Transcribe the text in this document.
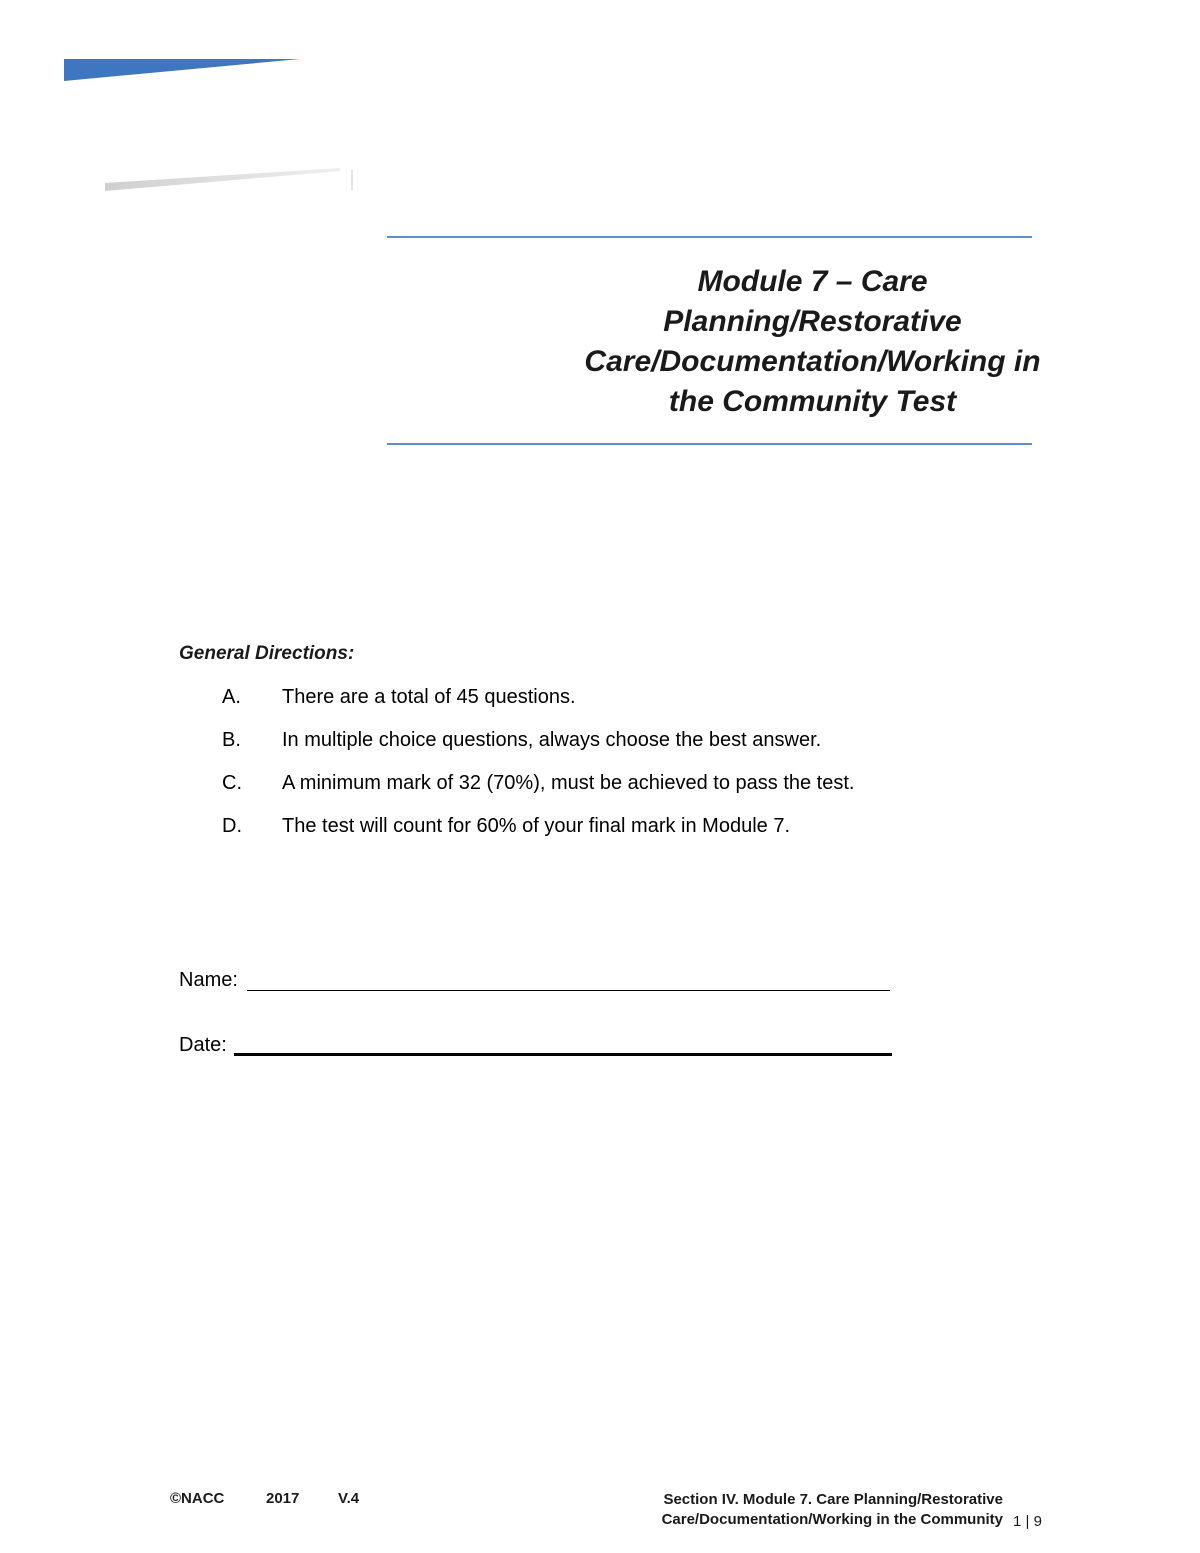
Module 7 – Care
Planning/Restorative
Care/Documentation/Working in
the Community Test
General Directions:
A. There are a total of 45 questions.
B. In multiple choice questions, always choose the best answer.
C. A minimum mark of 32 (70%), must be achieved to pass the test.
D. The test will count for 60% of your final mark in Module 7.
Name:
Date:
©NACC	2017	V.4	Section IV. Module 7. Care Planning/Restorative
Care/Documentation/Working in the Community 1 | 9
